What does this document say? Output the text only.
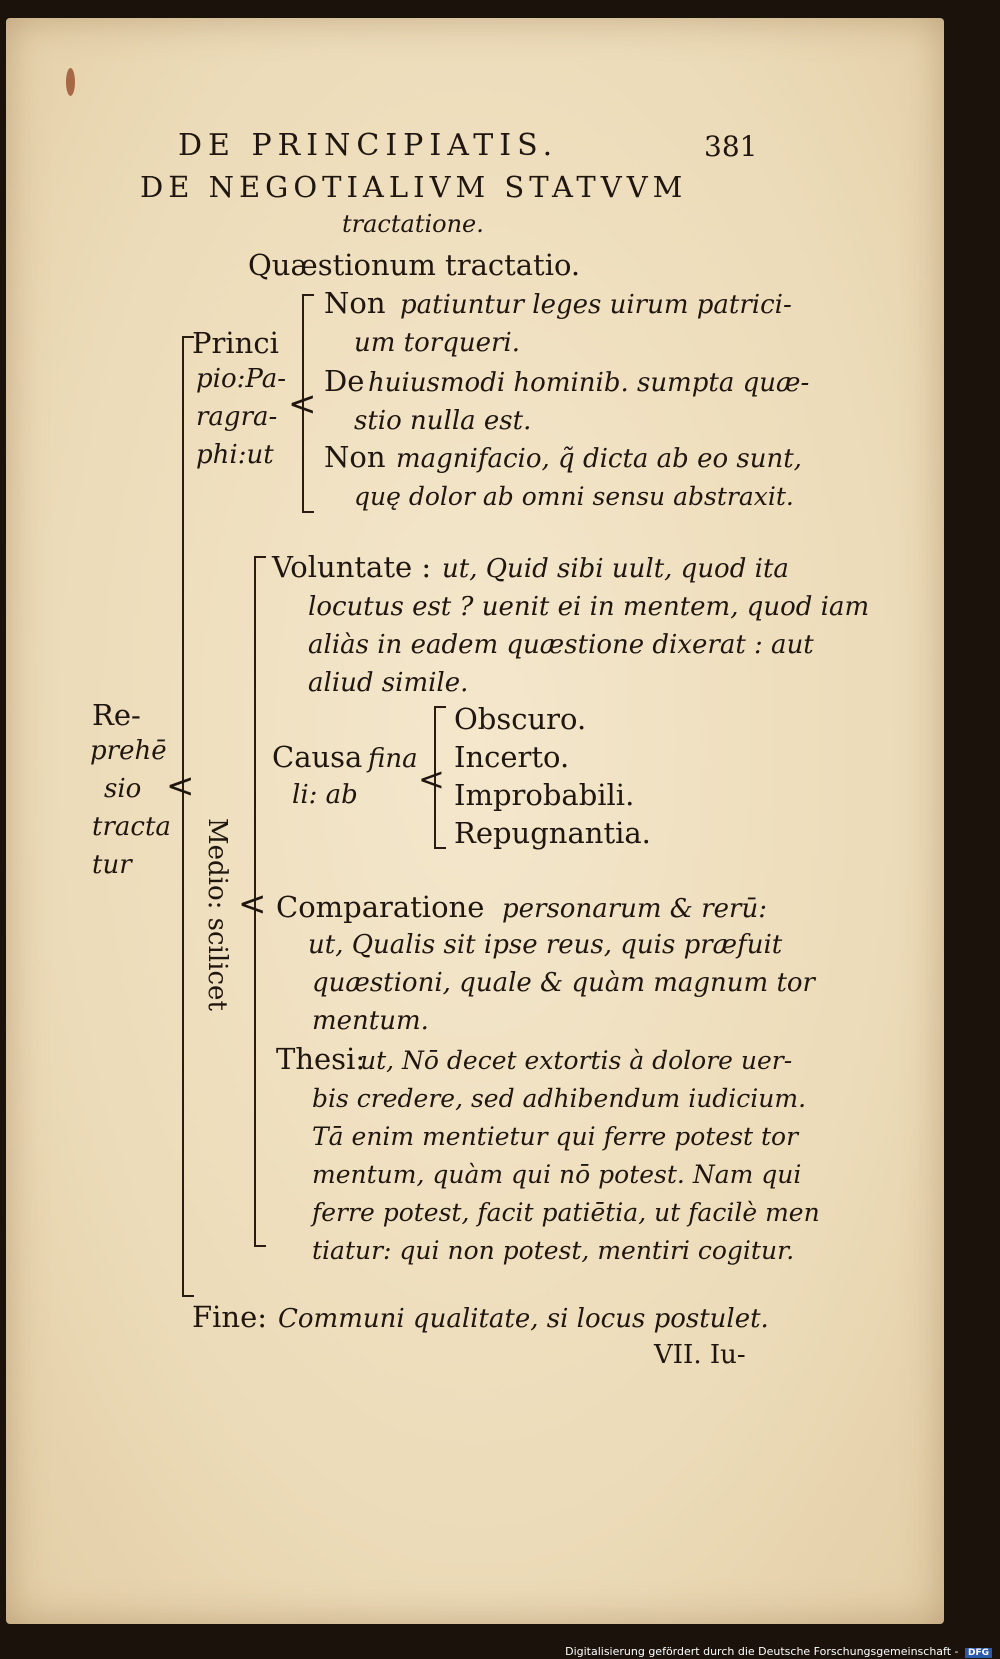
DE PRINCIPIATIS.	381
DE NEGOTIALIVM STATVVM
tractatione.
Quæstionum tractatio.
Princi
pio:Pa-
ragra-
phi:ut
<
Non patiuntur leges uirum patrici-
um torqueri.
De huiusmodi hominib. sumpta quæ-
stio nulla est.
Non magnifacio, q̃ dicta ab eo sunt,
quę dolor ab omni sensu abstraxit.
<
Re-
prehē
sio
tracta
tur	Medio: scilicet <
Voluntate : ut, Quid sibi uult, quod ita
locutus est ? uenit ei in mentem, quod iam
aliàs in eadem quæstione dixerat : aut
aliud simile.
Causa fina
li: ab <
Obscuro.
Incerto.
Improbabili.
Repugnantia.
Comparatione personarum & rerū:
ut, Qualis sit ipse reus, quis præfuit
quæstioni, quale & quàm magnum tor
mentum.
Thesi:
ut, Nō decet extortis à dolore uer-
bis credere, sed adhibendum iudicium.
Tā enim mentietur qui ferre potest tor
mentum, quàm qui nō potest. Nam qui
ferre potest, facit patiētia, ut facilè men
tiatur: qui non potest, mentiri cogitur.
Fine: Communi qualitate, si locus postulet.
VII. Iu-
Digitalisierung gefördert durch die Deutsche Forschungsgemeinschaft - DFG
